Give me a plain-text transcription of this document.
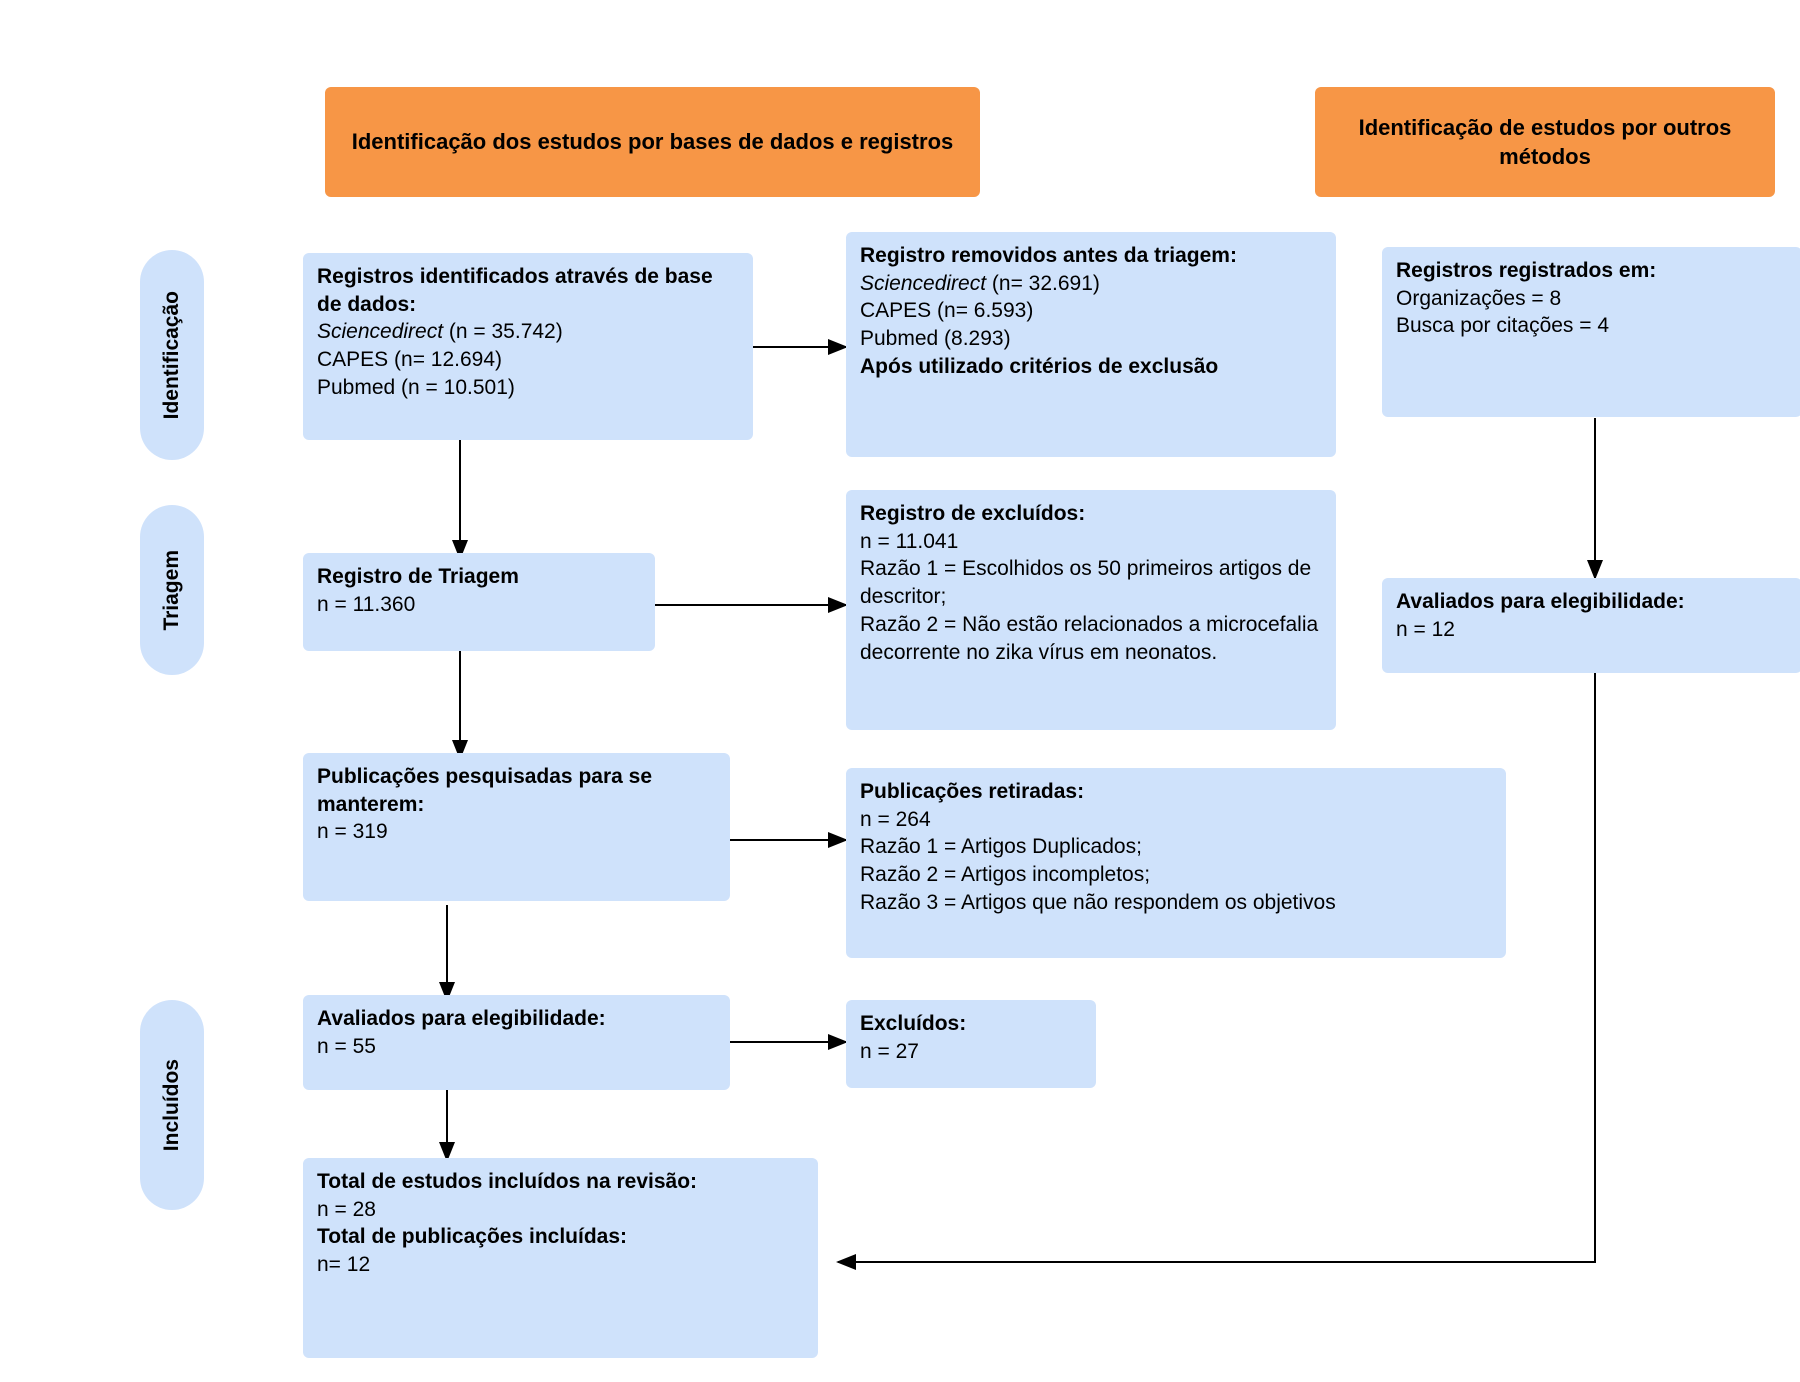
Identificação
Triagem
Incluídos
Identificação dos estudos por bases de dados e registros
Identificação de estudos por outros métodos
Registros identificados através de base de dados:
Sciencedirect (n = 35.742)
CAPES (n= 12.694)
Pubmed (n = 10.501)
Registro removidos antes da triagem:
Sciencedirect (n= 32.691)
CAPES (n= 6.593)
Pubmed (8.293)
Após utilizado critérios de exclusão
Registros registrados em:
Organizações = 8
Busca por citações = 4
Registro de Triagem
n = 11.360
Registro de excluídos:
n = 11.041
Razão 1 = Escolhidos os 50 primeiros artigos de descritor;
Razão 2 = Não estão relacionados a microcefalia decorrente no zika vírus em neonatos.
Avaliados para elegibilidade:
n = 12
Publicações pesquisadas para se manterem:
n = 319
Publicações retiradas:
n = 264
Razão 1 = Artigos Duplicados;
Razão 2 = Artigos incompletos;
Razão 3 = Artigos que não respondem os objetivos
Avaliados para elegibilidade:
n = 55
Excluídos:
n = 27
Total de estudos incluídos na revisão:
n = 28
Total de publicações incluídas:
n= 12
